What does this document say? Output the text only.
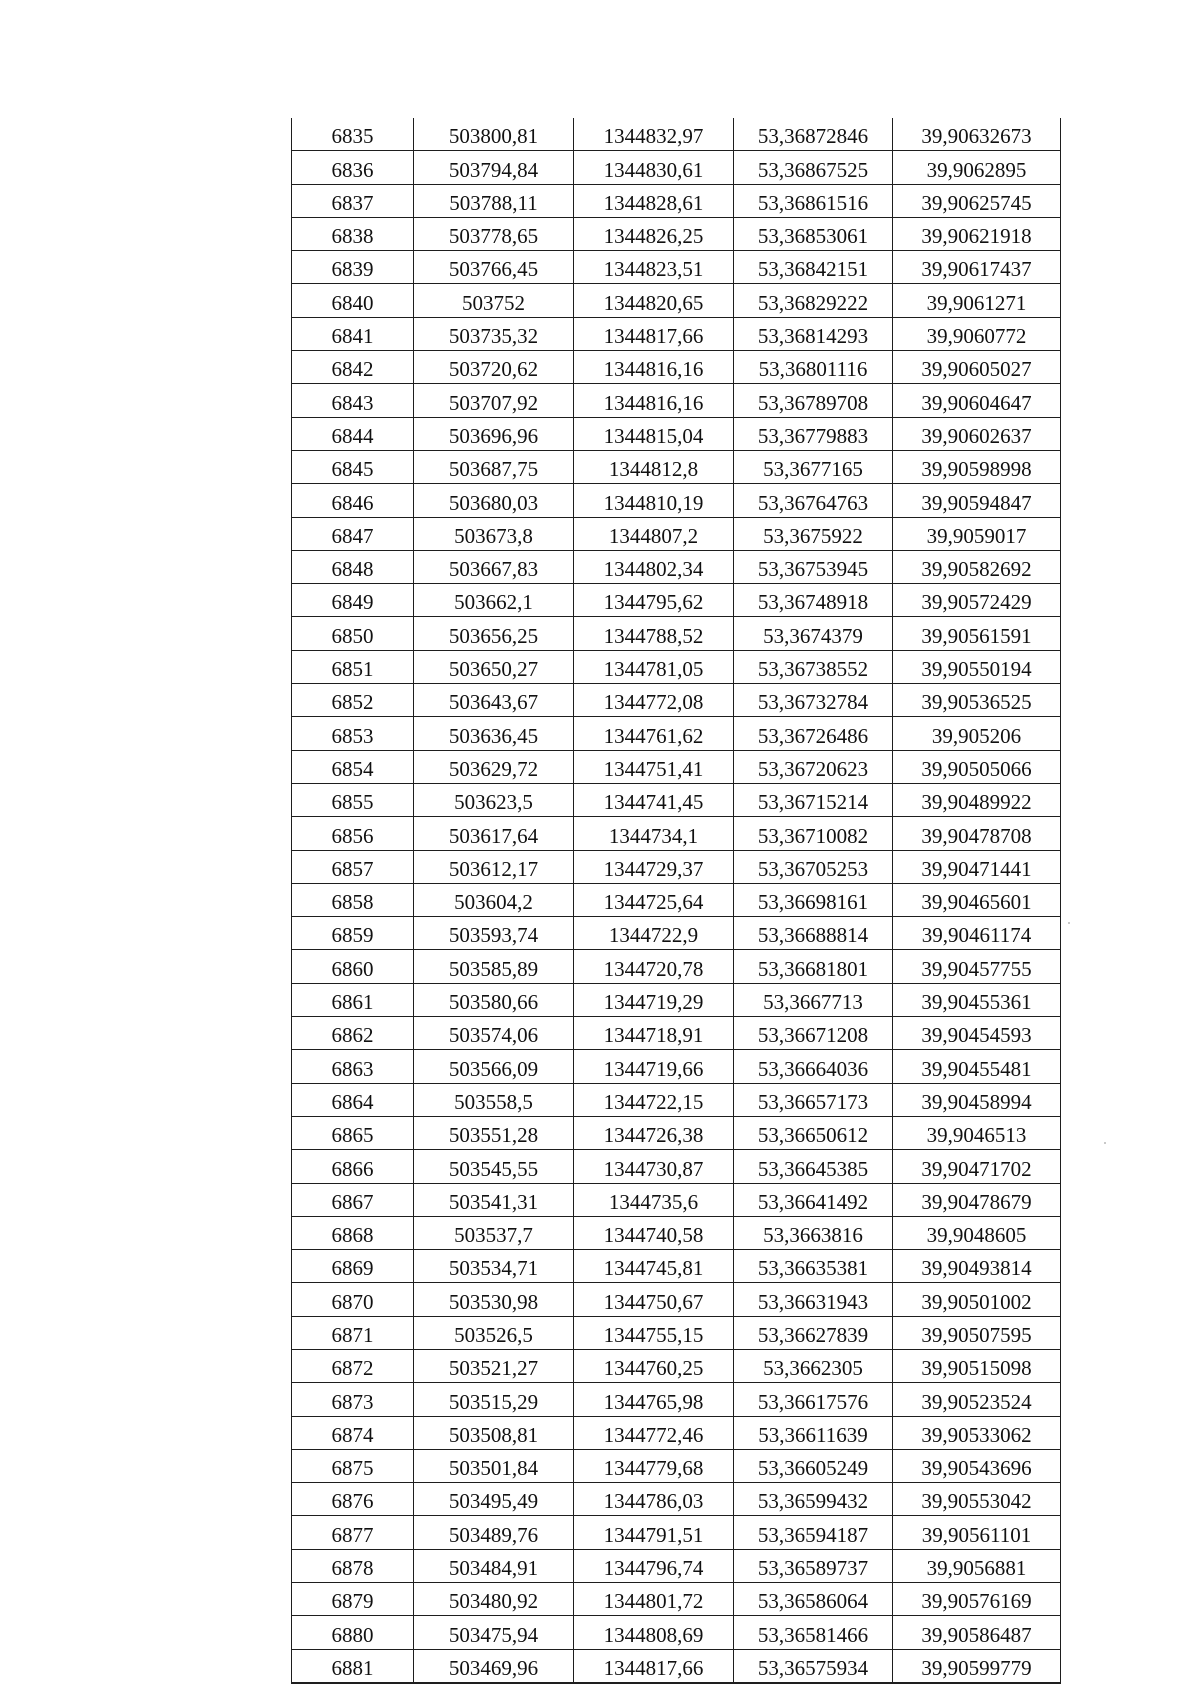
6835	503800,81	1344832,97	53,36872846	39,90632673
6836	503794,84	1344830,61	53,36867525	39,9062895
6837	503788,11	1344828,61	53,36861516	39,90625745
6838	503778,65	1344826,25	53,36853061	39,90621918
6839	503766,45	1344823,51	53,36842151	39,90617437
6840	503752	1344820,65	53,36829222	39,9061271
6841	503735,32	1344817,66	53,36814293	39,9060772
6842	503720,62	1344816,16	53,36801116	39,90605027
6843	503707,92	1344816,16	53,36789708	39,90604647
6844	503696,96	1344815,04	53,36779883	39,90602637
6845	503687,75	1344812,8	53,3677165	39,90598998
6846	503680,03	1344810,19	53,36764763	39,90594847
6847	503673,8	1344807,2	53,3675922	39,9059017
6848	503667,83	1344802,34	53,36753945	39,90582692
6849	503662,1	1344795,62	53,36748918	39,90572429
6850	503656,25	1344788,52	53,3674379	39,90561591
6851	503650,27	1344781,05	53,36738552	39,90550194
6852	503643,67	1344772,08	53,36732784	39,90536525
6853	503636,45	1344761,62	53,36726486	39,905206
6854	503629,72	1344751,41	53,36720623	39,90505066
6855	503623,5	1344741,45	53,36715214	39,90489922
6856	503617,64	1344734,1	53,36710082	39,90478708
6857	503612,17	1344729,37	53,36705253	39,90471441
6858	503604,2	1344725,64	53,36698161	39,90465601
6859	503593,74	1344722,9	53,36688814	39,90461174
6860	503585,89	1344720,78	53,36681801	39,90457755
6861	503580,66	1344719,29	53,3667713	39,90455361
6862	503574,06	1344718,91	53,36671208	39,90454593
6863	503566,09	1344719,66	53,36664036	39,90455481
6864	503558,5	1344722,15	53,36657173	39,90458994
6865	503551,28	1344726,38	53,36650612	39,9046513
6866	503545,55	1344730,87	53,36645385	39,90471702
6867	503541,31	1344735,6	53,36641492	39,90478679
6868	503537,7	1344740,58	53,3663816	39,9048605
6869	503534,71	1344745,81	53,36635381	39,90493814
6870	503530,98	1344750,67	53,36631943	39,90501002
6871	503526,5	1344755,15	53,36627839	39,90507595
6872	503521,27	1344760,25	53,3662305	39,90515098
6873	503515,29	1344765,98	53,36617576	39,90523524
6874	503508,81	1344772,46	53,36611639	39,90533062
6875	503501,84	1344779,68	53,36605249	39,90543696
6876	503495,49	1344786,03	53,36599432	39,90553042
6877	503489,76	1344791,51	53,36594187	39,90561101
6878	503484,91	1344796,74	53,36589737	39,9056881
6879	503480,92	1344801,72	53,36586064	39,90576169
6880	503475,94	1344808,69	53,36581466	39,90586487
6881	503469,96	1344817,66	53,36575934	39,90599779
